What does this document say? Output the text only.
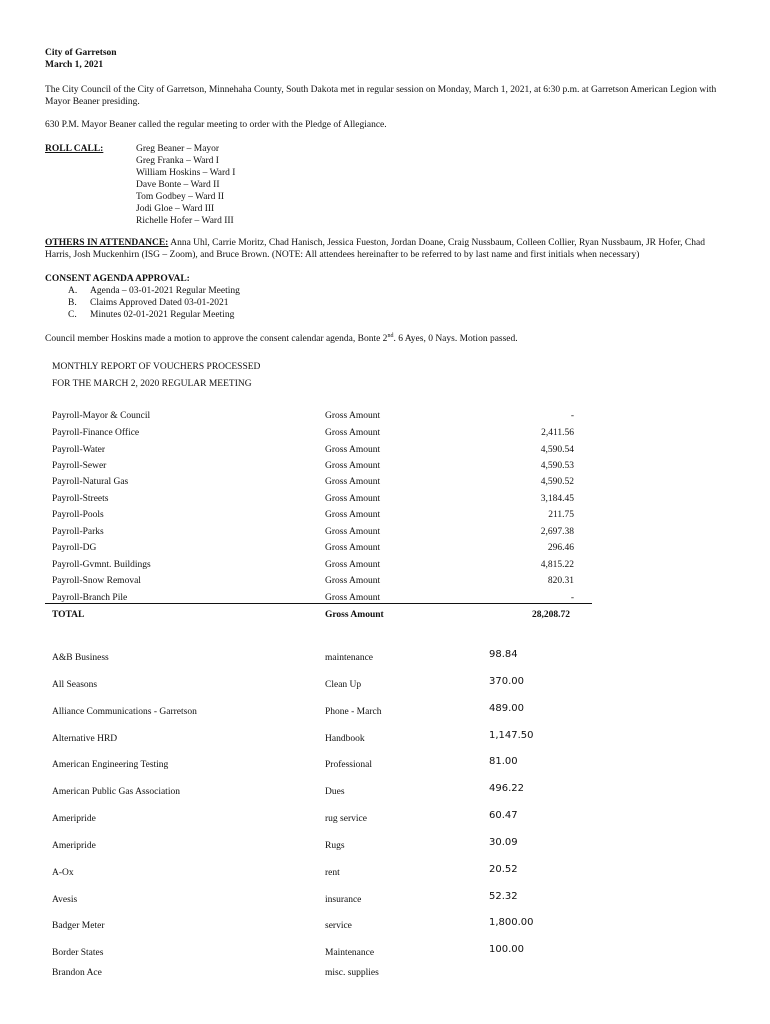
City of Garretson
March 1, 2021
The City Council of the City of Garretson, Minnehaha County, South Dakota met in regular session on Monday, March 1, 2021, at 6:30 p.m. at Garretson American Legion with Mayor Beaner presiding.
630 P.M. Mayor Beaner called the regular meeting to order with the Pledge of Allegiance.
ROLL CALL:	Greg Beaner – Mayor
Greg Franka – Ward I
William Hoskins – Ward I
Dave Bonte – Ward II
Tom Godbey – Ward II
Jodi Gloe – Ward III
Richelle Hofer – Ward III
OTHERS IN ATTENDANCE: Anna Uhl, Carrie Moritz, Chad Hanisch, Jessica Fueston, Jordan Doane, Craig Nussbaum, Colleen Collier, Ryan Nussbaum, JR Hofer, Chad Harris, Josh Muckenhirn (ISG – Zoom), and Bruce Brown. (NOTE: All attendees hereinafter to be referred to by last name and first initials when necessary)
CONSENT AGENDA APPROVAL:
A. Agenda – 03-01-2021 Regular Meeting
B. Claims Approved Dated 03-01-2021
C. Minutes 02-01-2021 Regular Meeting
Council member Hoskins made a motion to approve the consent calendar agenda, Bonte 2nd. 6 Ayes, 0 Nays. Motion passed.
MONTHLY REPORT OF VOUCHERS PROCESSED
FOR THE MARCH 2, 2020 REGULAR MEETING
Payroll-Mayor & Council	Gross Amount	-
Payroll-Finance Office	Gross Amount	2,411.56
Payroll-Water	Gross Amount	4,590.54
Payroll-Sewer	Gross Amount	4,590.53
Payroll-Natural Gas	Gross Amount	4,590.52
Payroll-Streets	Gross Amount	3,184.45
Payroll-Pools	Gross Amount	211.75
Payroll-Parks	Gross Amount	2,697.38
Payroll-DG	Gross Amount	296.46
Payroll-Gvmnt. Buildings	Gross Amount	4,815.22
Payroll-Snow Removal	Gross Amount	820.31
Payroll-Branch Pile	Gross Amount	-
TOTAL	Gross Amount	28,208.72
A&B Business	maintenance	98.84
All Seasons	Clean Up	370.00
Alliance Communications - Garretson	Phone - March	489.00
Alternative HRD	Handbook	1,147.50
American Engineering Testing	Professional	81.00
American Public Gas Association	Dues	496.22
Ameripride	rug service	60.47
Ameripride	Rugs	30.09
A-Ox	rent	20.52
Avesis	insurance	52.32
Badger Meter	service	1,800.00
Border States	Maintenance	100.00
Brandon Ace	misc. supplies
